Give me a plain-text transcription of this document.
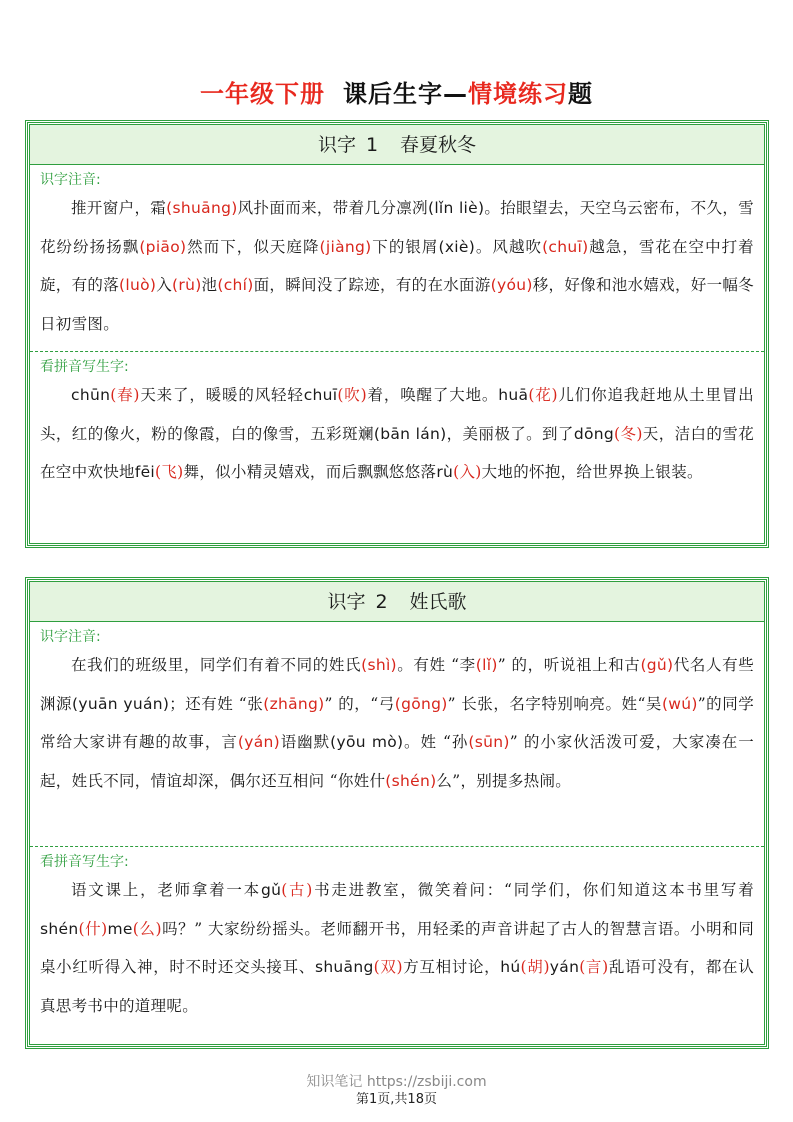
一年级下册 课后生字—情境练习题
识字 1 春夏秋冬
识字注音:
推开窗户，霜(shuāng)风扑面而来，带着几分凛冽(lǐn liè)。抬眼望去，天空乌云密布，不久，雪花纷纷扬扬飘(piāo)然而下，似天庭降(jiàng)下的银屑(xiè)。风越吹(chuī)越急，雪花在空中打着旋，有的落(luò)入(rù)池(chí)面，瞬间没了踪迹，有的在水面游(yóu)移，好像和池水嬉戏，好一幅冬日初雪图。
看拼音写生字:
chūn(春)天来了，暖暖的风轻轻chuī(吹)着，唤醒了大地。huā(花)儿们你追我赶地从土里冒出头，红的像火，粉的像霞，白的像雪，五彩斑斓(bān lán)，美丽极了。到了dōng(冬)天，洁白的雪花在空中欢快地fēi(飞)舞，似小精灵嬉戏，而后飘飘悠悠落rù(入)大地的怀抱，给世界换上银装。
识字 2 姓氏歌
识字注音:
在我们的班级里，同学们有着不同的姓氏(shì)。有姓 “李(lǐ)” 的，听说祖上和古(gǔ)代名人有些渊源(yuān yuán)；还有姓 “张(zhāng)” 的，“弓(gōng)” 长张，名字特别响亮。姓“吴(wú)”的同学常给大家讲有趣的故事，言(yán)语幽默(yōu mò)。姓 “孙(sūn)” 的小家伙活泼可爱，大家凑在一起，姓氏不同，情谊却深，偶尔还互相问 “你姓什(shén)么”，别提多热闹。
看拼音写生字:
语文课上，老师拿着一本gǔ(古)书走进教室，微笑着问：“同学们，你们知道这本书里写着shén(什)me(么)吗？” 大家纷纷摇头。老师翻开书，用轻柔的声音讲起了古人的智慧言语。小明和同桌小红听得入神，时不时还交头接耳、shuāng(双)方互相讨论，hú(胡)yán(言)乱语可没有，都在认真思考书中的道理呢。
知识笔记 https://zsbiji.com
第1页,共18页
